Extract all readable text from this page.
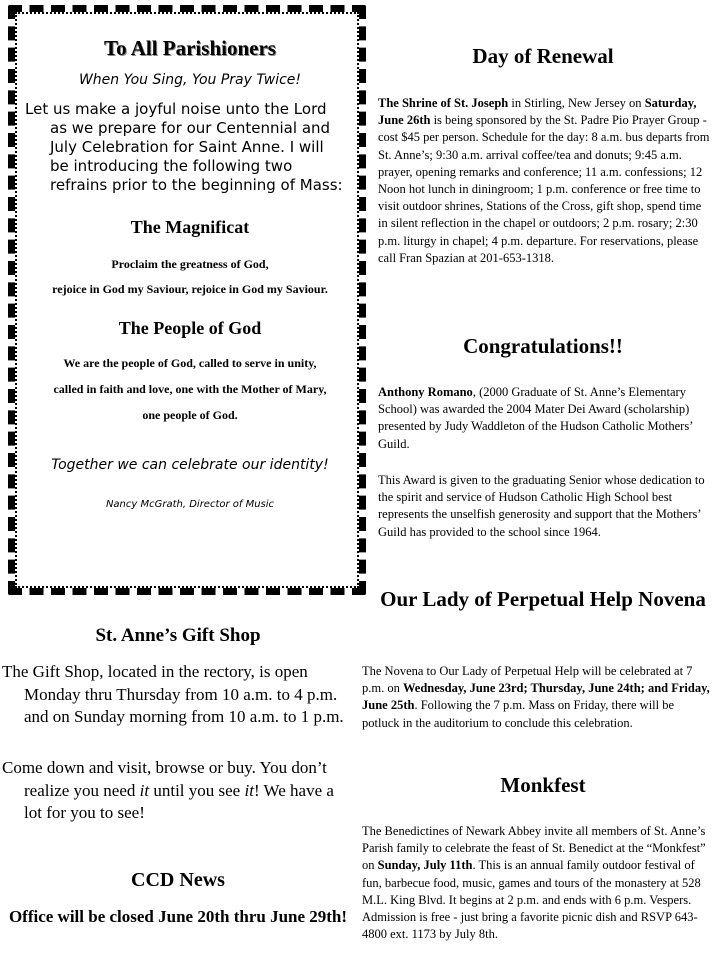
To All Parishioners
When You Sing, You Pray Twice!
Let us make a joyful noise unto the Lord as we prepare for our Centennial and July Celebration for Saint Anne. I will be introducing the following two refrains prior to the beginning of Mass:
The Magnificat
Proclaim the greatness of God,
rejoice in God my Saviour, rejoice in God my Saviour.
The People of God
We are the people of God, called to serve in unity,
called in faith and love, one with the Mother of Mary,
one people of God.
Together we can celebrate our identity!
Nancy McGrath, Director of Music
St. Anne’s Gift Shop
The Gift Shop, located in the rectory, is open Monday thru Thursday from 10 a.m. to 4 p.m. and on Sunday morning from 10 a.m. to 1 p.m.
Come down and visit, browse or buy. You don’t realize you need it until you see it! We have a lot for you to see!
CCD News
Office will be closed June 20th thru June 29th!
Day of Renewal
The Shrine of St. Joseph in Stirling, New Jersey on Saturday, June 26th is being sponsored by the St. Padre Pio Prayer Group - cost $45 per person. Schedule for the day: 8 a.m. bus departs from St. Anne’s; 9:30 a.m. arrival coffee/tea and donuts; 9:45 a.m. prayer, opening remarks and conference; 11 a.m. confessions; 12 Noon hot lunch in diningroom; 1 p.m. conference or free time to visit outdoor shrines, Stations of the Cross, gift shop, spend time in silent reflection in the chapel or outdoors; 2 p.m. rosary; 2:30 p.m. liturgy in chapel; 4 p.m. departure. For reservations, please call Fran Spazian at 201-653-1318.
Congratulations!!
Anthony Romano, (2000 Graduate of St. Anne’s Elementary School) was awarded the 2004 Mater Dei Award (scholarship) presented by Judy Waddleton of the Hudson Catholic Mothers’ Guild.
This Award is given to the graduating Senior whose dedication to the spirit and service of Hudson Catholic High School best represents the unselfish generosity and support that the Mothers’ Guild has provided to the school since 1964.
Our Lady of Perpetual Help Novena
The Novena to Our Lady of Perpetual Help will be celebrated at 7 p.m. on Wednesday, June 23rd; Thursday, June 24th; and Friday, June 25th. Following the 7 p.m. Mass on Friday, there will be potluck in the auditorium to conclude this celebration.
Monkfest
The Benedictines of Newark Abbey invite all members of St. Anne’s Parish family to celebrate the feast of St. Benedict at the “Monkfest” on Sunday, July 11th. This is an annual family outdoor festival of fun, barbecue food, music, games and tours of the monastery at 528 M.L. King Blvd. It begins at 2 p.m. and ends with 6 p.m. Vespers. Admission is free - just bring a favorite picnic dish and RSVP 643-4800 ext. 1173 by July 8th.
